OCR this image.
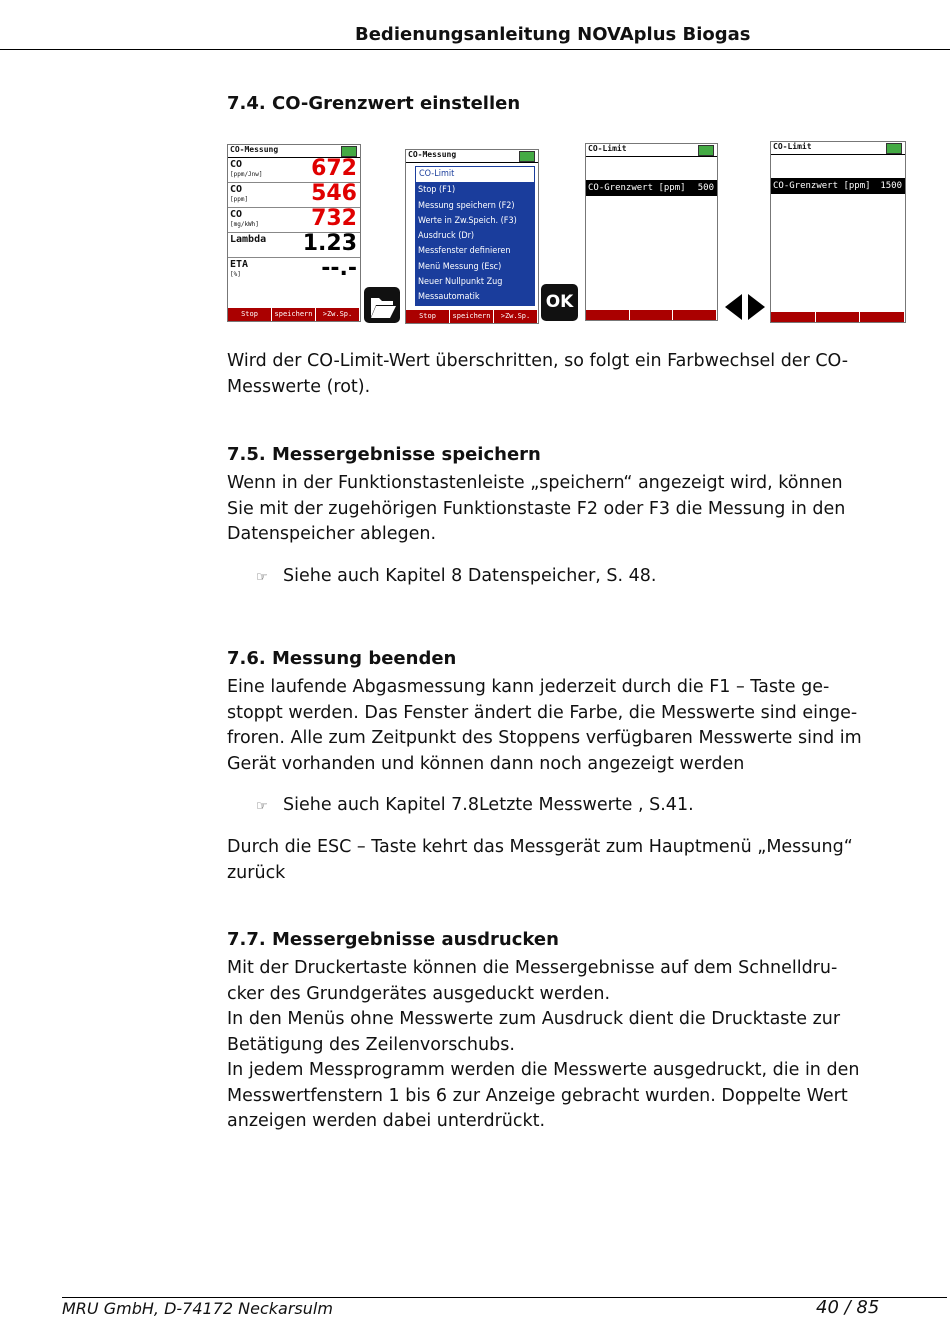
Bedienungsanleitung NOVAplus Biogas
7.4. CO-Grenzwert einstellen
CO-Messung
CO
[ppm/Jnw] 672
CO
[ppm]	546
CO
[mg/kWh] 732
Lambda 1.23
ETA
[%]	--.-
Stop	speichern	>Zw.Sp.
CO-Messung
CO-Limit
Stop (F1)
Messung speichern (F2)
Werte in Zw.Speich. (F3)
Ausdruck (Dr)
Messfenster definieren
Menü Messung (Esc)
Neuer Nullpunkt Zug
Messautomatik
Stop	speichern	>Zw.Sp.
OK
CO-Limit
CO-Grenzwert [ppm] 500
CO-Limit
CO-Grenzwert [ppm] 1500
Wird der CO-Limit-Wert überschritten, so folgt ein Farbwechsel der CO-
Messwerte (rot).
7.5. Messergebnisse speichern
Wenn in der Funktionstastenleiste „speichern“ angezeigt wird, können
Sie mit der zugehörigen Funktionstaste F2 oder F3 die Messung in den
Datenspeicher ablegen.
☞ Siehe auch Kapitel 8 Datenspeicher, S. 48.
7.6. Messung beenden
Eine laufende Abgasmessung kann jederzeit durch die F1 – Taste ge-
stoppt werden. Das Fenster ändert die Farbe, die Messwerte sind einge-
froren. Alle zum Zeitpunkt des Stoppens verfügbaren Messwerte sind im
Gerät vorhanden und können dann noch angezeigt werden
☞ Siehe auch Kapitel 7.8Letzte Messwerte , S.41.
Durch die ESC – Taste kehrt das Messgerät zum Hauptmenü „Messung“
zurück
7.7. Messergebnisse ausdrucken
Mit der Druckertaste können die Messergebnisse auf dem Schnelldru-
cker des Grundgerätes ausgeduckt werden.
In den Menüs ohne Messwerte zum Ausdruck dient die Drucktaste zur
Betätigung des Zeilenvorschubs.
In jedem Messprogramm werden die Messwerte ausgedruckt, die in den
Messwertfenstern 1 bis 6 zur Anzeige gebracht wurden. Doppelte Wert
anzeigen werden dabei unterdrückt.
MRU GmbH, D-74172 Neckarsulm	40 / 85
